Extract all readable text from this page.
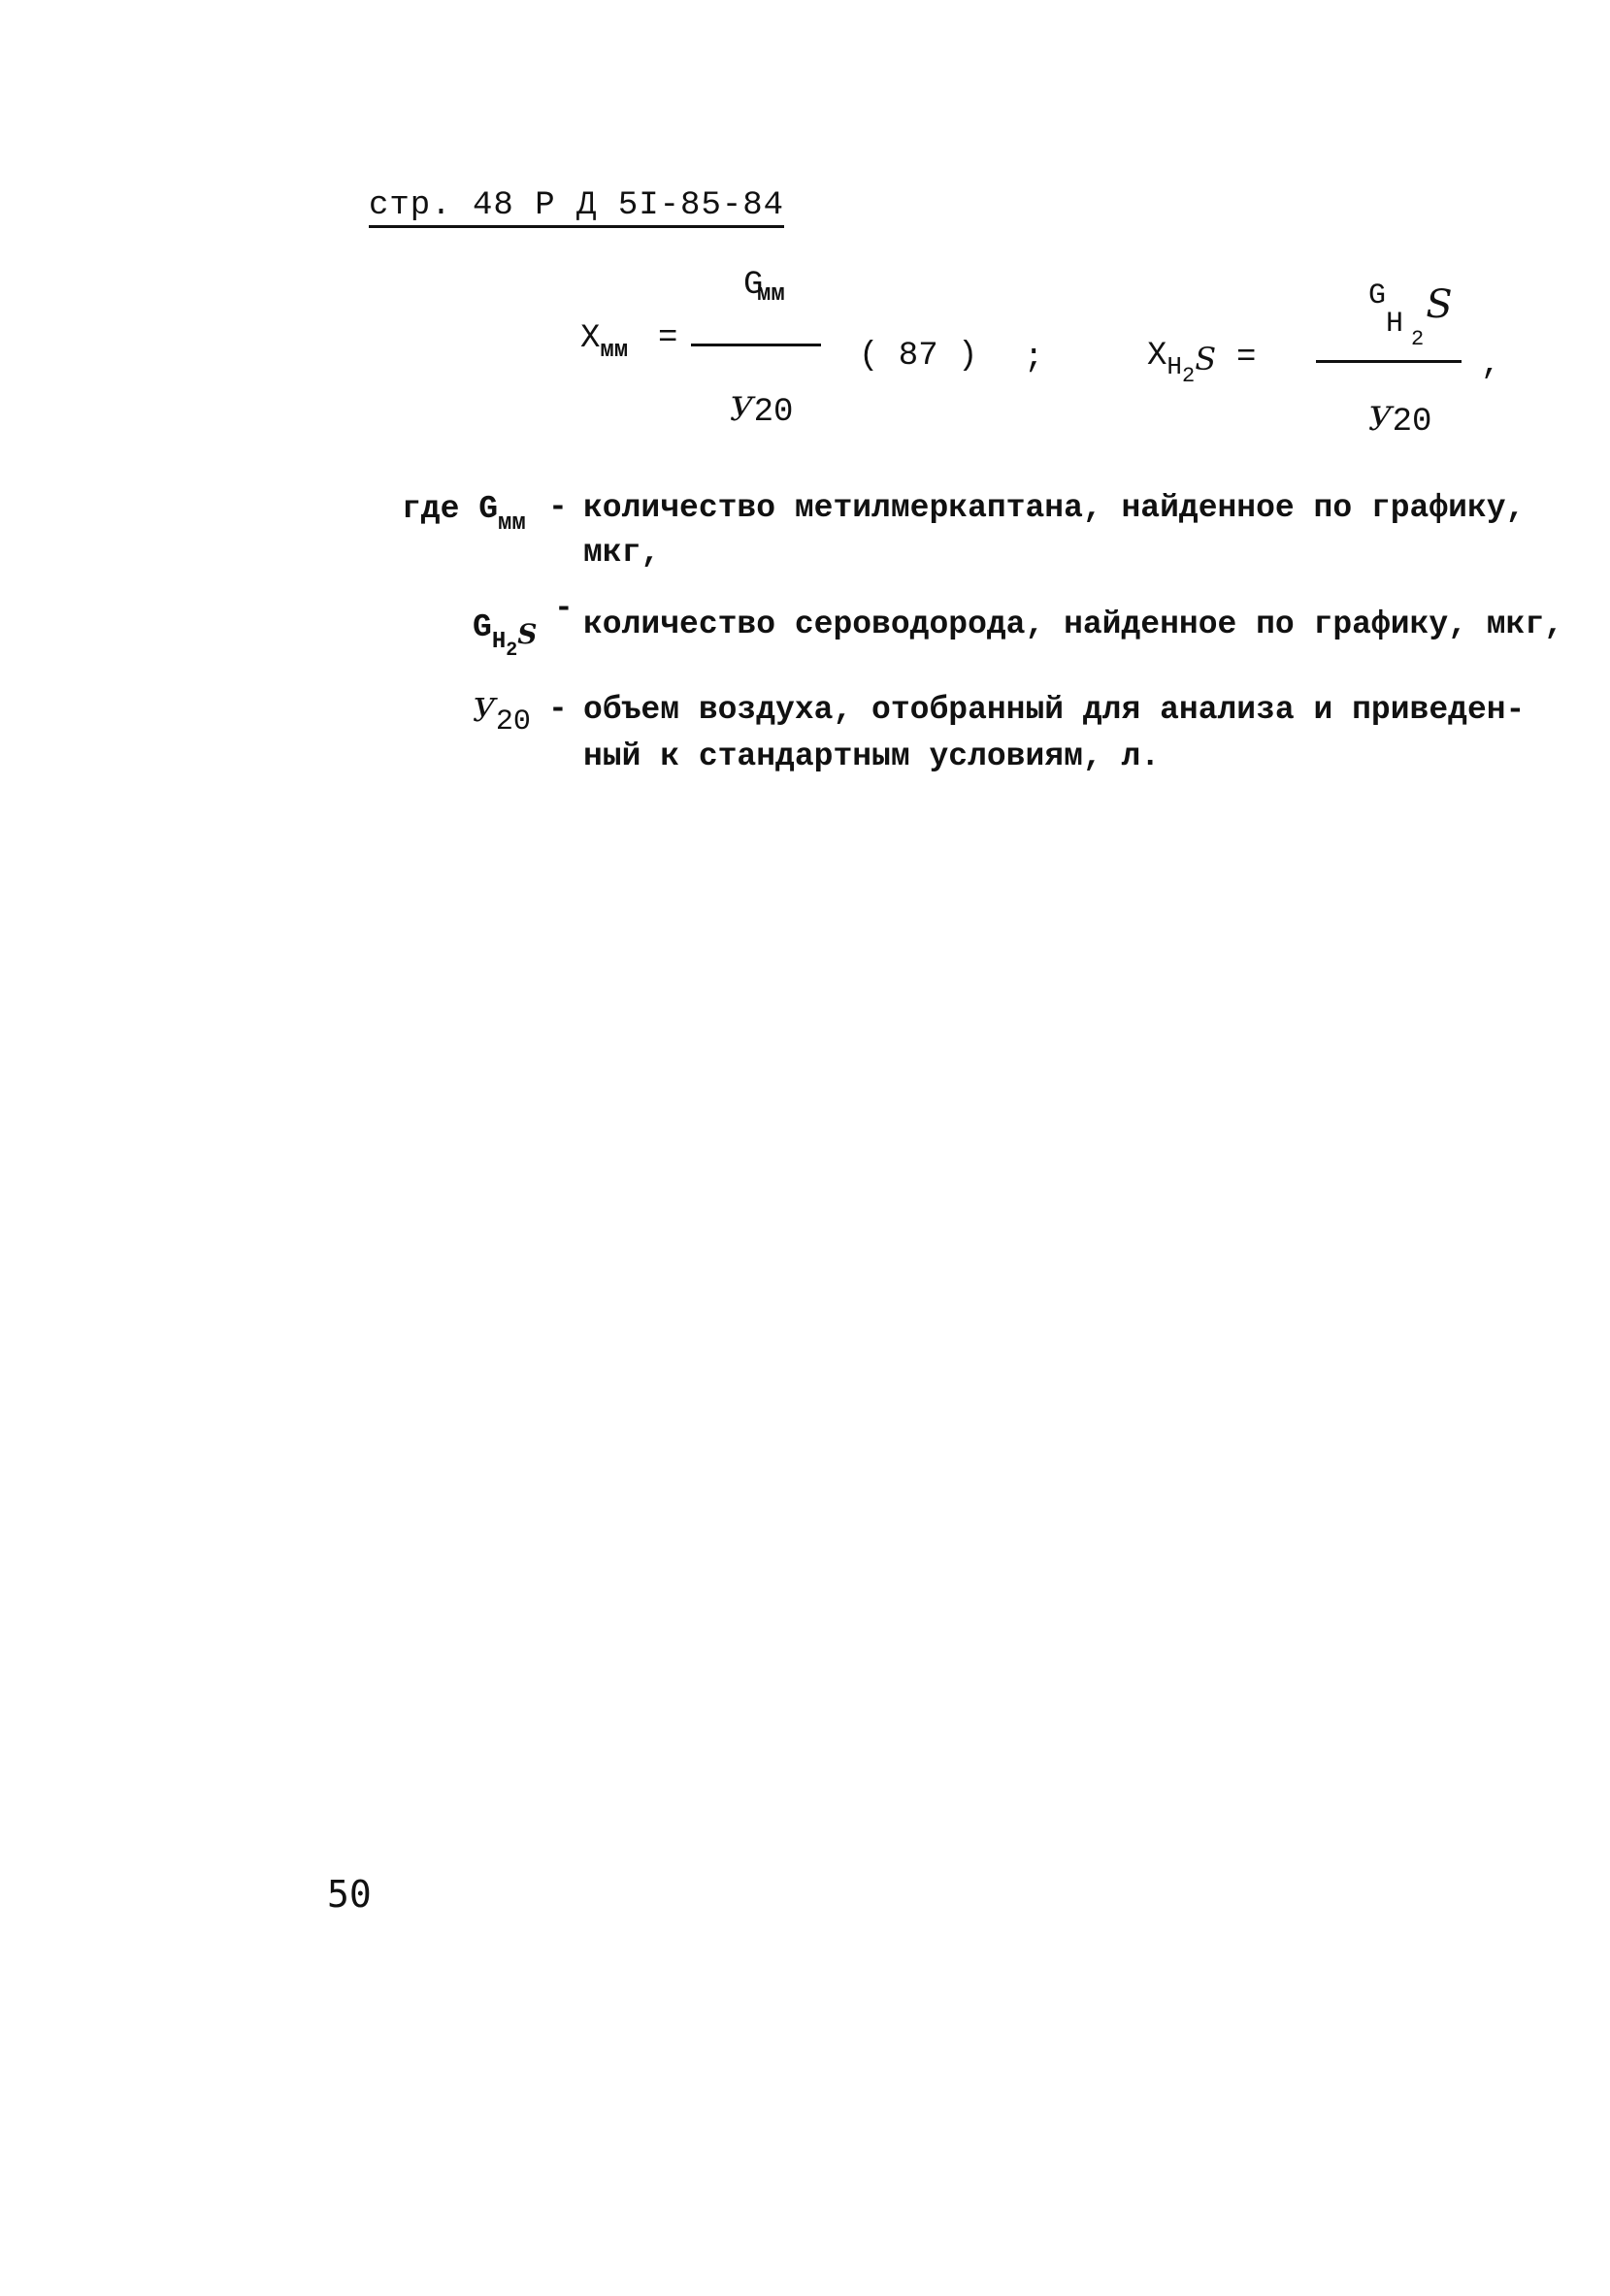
стр. 48 Р Д 5I-85-84
$X_{мм}$ =
G
мм
У20
( 87 ) ;	$X_{H2}S$ =
G
H 2S
У20
,
где $G_{мм}$ - количество метилмеркаптана, найденное по графику,
мкг,
$G_{H2S}$
- количество сероводорода, найденное по графику, мкг,
У20 - объем воздуха, отобранный для анализа и приведен-
ный к стандартным условиям, л.
50
